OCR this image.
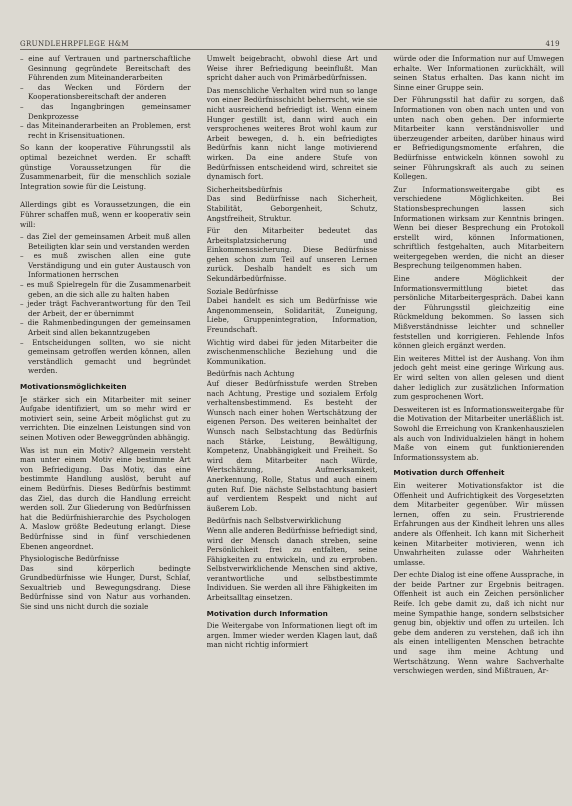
GRUNDLEHRPFLEGE H&M	419
– eine auf Vertrauen und partnerschaftliche Gesinnung gegründete Bereitschaft des Führenden zum Miteinanderarbeiten
– das Wecken und Fördern der Kooperationsbereitschaft der anderen
– das Ingangbringen gemeinsamer Denkprozesse
– das Miteinanderarbeiten an Problemen, erst recht in Krisensituationen.

So kann der kooperative Führungsstil als optimal bezeichnet werden. Er schafft günstige Voraussetzungen für die Zusammenarbeit, für die menschlich soziale Integration sowie für die Leistung.

Allerdings gibt es Voraussetzungen, die ein Führer schaffen muß, wenn er kooperativ sein will:

– das Ziel der gemeinsamen Arbeit muß allen Beteiligten klar sein und verstanden werden
– es muß zwischen allen eine gute Verständigung und ein guter Austausch von Informationen herrschen
– es muß Spielregeln für die Zusammenarbeit geben, an die sich alle zu halten haben
– jeder trägt Fachverantwortung für den Teil der Arbeit, der er übernimmt
– die Rahmenbedingungen der gemeinsamen Arbeit sind allen bekanntzugeben
– Entscheidungen sollten, wo sie nicht gemeinsam getroffen werden können, allen verständlich gemacht und begründet werden.
Motivationsmöglichkeiten

Je stärker sich ein Mitarbeiter mit seiner Aufgabe identifiziert, um so mehr wird er motiviert sein, seine Arbeit möglichst gut zu verrichten. Die einzelnen Leistungen sind von seinen Motiven oder Beweggründen abhängig.

Was ist nun ein Motiv? Allgemein versteht man unter einem Motiv eine bestimmte Art von Befriedigung. Das Motiv, das eine bestimmte Handlung auslöst, beruht auf einem Bedürfnis. Dieses Bedürfnis bestimmt das Ziel, das durch die Handlung erreicht werden soll. Zur Gliederung von Bedürfnissen hat die Bedürfnishierarchie des Psychologen A. Maslow größte Bedeutung erlangt. Diese Bedürfnisse sind in fünf verschiedenen Ebenen angeordnet.

Physiologische Bedürfnisse

Das sind körperlich bedingte Grundbedürfnisse wie Hunger, Durst, Schlaf, Sexualtrieb und Bewegungsdrang. Diese Bedürfnisse sind von Natur aus vorhanden. Sie sind uns nicht durch die soziale

Umwelt beigebracht, obwohl diese Art und Weise ihrer Befriedigung beeinflußt. Man spricht daher auch von Primärbedürfnissen.

Das menschliche Verhalten wird nun so lange von einer Bedürfnisschicht beherrscht, wie sie nicht ausreichend befriedigt ist. Wenn einem Hunger gestillt ist, dann wird auch ein versprochenes weiteres Brot wohl kaum zur Arbeit bewegen, d. h. ein befriedigtes Bedürfnis kann nicht lange motivierend wirken. Da eine andere Stufe von Bedürfnissen entscheidend wird, schreitet sie dynamisch fort.

Sicherheitsbedürfnis

Das sind Bedürfnisse nach Sicherheit, Stabilität, Geborgenheit, Schutz, Angstfreiheit, Struktur.

Für den Mitarbeiter bedeutet das Arbeitsplatzsicherung und Einkommenssicherung. Diese Bedürfnisse gehen schon zum Teil auf unseren Lernen zurück. Deshalb handelt es sich um Sekundärbedürfnisse.

Soziale Bedürfnisse

Dabei handelt es sich um Bedürfnisse wie Angenommensein, Solidarität, Zuneigung, Liebe, Gruppenintegration, Information, Freundschaft.

Wichtig wird dabei für jeden Mitarbeiter die zwischenmenschliche Beziehung und die Kommunikation.

Bedürfnis nach Achtung

Auf dieser Bedürfnisstufe werden Streben nach Achtung, Prestige und sozialem Erfolg verhaltensbestimmend. Es besteht der Wunsch nach einer hohen Wertschätzung der eigenen Person. Des weiteren beinhaltet der Wunsch nach Selbstachtung das Bedürfnis nach Stärke, Leistung, Bewältigung, Kompetenz, Unabhängigkeit und Freiheit. So wird dem Mitarbeiter nach Würde, Wertschätzung, Aufmerksamkeit, Anerkennung, Rolle, Status und auch einem guten Ruf. Die nächste Selbstachtung basiert auf verdientem Respekt und nicht auf äußerem Lob.

Bedürfnis nach Selbstverwirklichung

Wenn alle anderen Bedürfnisse befriedigt sind, wird der Mensch danach streben, seine Persönlichkeit frei zu entfalten, seine Fähigkeiten zu entwickeln, und zu erproben. Selbstverwirklichende Menschen sind aktive, verantwortliche und selbstbestimmte Individuen. Sie werden all ihre Fähigkeiten im Arbeitsalltag einsetzen.

Motivation durch Information

Die Weitergabe von Informationen liegt oft im argen. Immer wieder werden Klagen laut, daß man nicht richtig informiert

würde oder die Information nur auf Umwegen erhalte. Wer Informationen zurückhält, will seinen Status erhalten. Das kann nicht im Sinne einer Gruppe sein.

Der Führungsstil hat dafür zu sorgen, daß Informationen von oben nach unten und von unten nach oben gehen. Der informierte Mitarbeiter kann verständnisvoller und überzeugender arbeiten, darüber hinaus wird er Befriedigungsmomente erfahren, die Bedürfnisse entwickeln können sowohl zu seiner Führungskraft als auch zu seinen Kollegen.

Zur Informationsweitergabe gibt es verschiedene Möglichkeiten. Bei Stationsbesprechungen lassen sich Informationen wirksam zur Kenntnis bringen. Wenn bei dieser Besprechung ein Protokoll erstellt wird, können Informationen, schriftlich festgehalten, auch Mitarbeitern weitergegeben werden, die nicht an dieser Besprechung teilgenommen haben.

Eine andere Möglichkeit der Informationsvermittlung bietet das persönliche Mitarbeitergespräch. Dabei kann der Führungsstil gleichzeitig eine Rückmeldung bekommen. So lassen sich Mißverständnisse leichter und schneller feststellen und korrigieren. Fehlende Infos können gleich ergänzt werden.

Ein weiteres Mittel ist der Aushang. Von ihm jedoch geht meist eine geringe Wirkung aus. Er wird selten von allen gelesen und dient daher lediglich zur zusätzlichen Information zum gesprochenen Wort.

Desweiteren ist es Informationsweitergabe für die Motivation der Mitarbeiter unerläßlich ist. Sowohl die Erreichung von Krankenhauszielen als auch von Individualzielen hängt in hohem Maße von einem gut funktionierenden Informationssystem ab.

Motivation durch Offenheit

Ein weiterer Motivationsfaktor ist die Offenheit und Aufrichtigkeit des Vorgesetzten dem Mitarbeiter gegenüber. Wir müssen lernen, offen zu sein. Frustrierende Erfahrungen aus der Kindheit lehren uns alles andere als Offenheit. Ich kann mit Sicherheit keinen Mitarbeiter motivieren, wenn ich Unwahrheiten zulasse oder Wahrheiten umlasse.

Der echte Dialog ist eine offene Aussprache, in der beide Partner zur Ergebnis beitragen. Offenheit ist auch ein Zeichen persönlicher Reife. Ich gebe damit zu, daß ich nicht nur meine Sympathie hange, sondern selbstsicher genug bin, objektiv und offen zu urteilen. Ich gebe dem anderen zu verstehen, daß ich ihn als einen intelligenten Menschen betrachte und sage ihm meine Achtung und Wertschätzung. Wenn wahre Sachverhalte verschwiegen werden, sind Mißtrauen, Ar-
